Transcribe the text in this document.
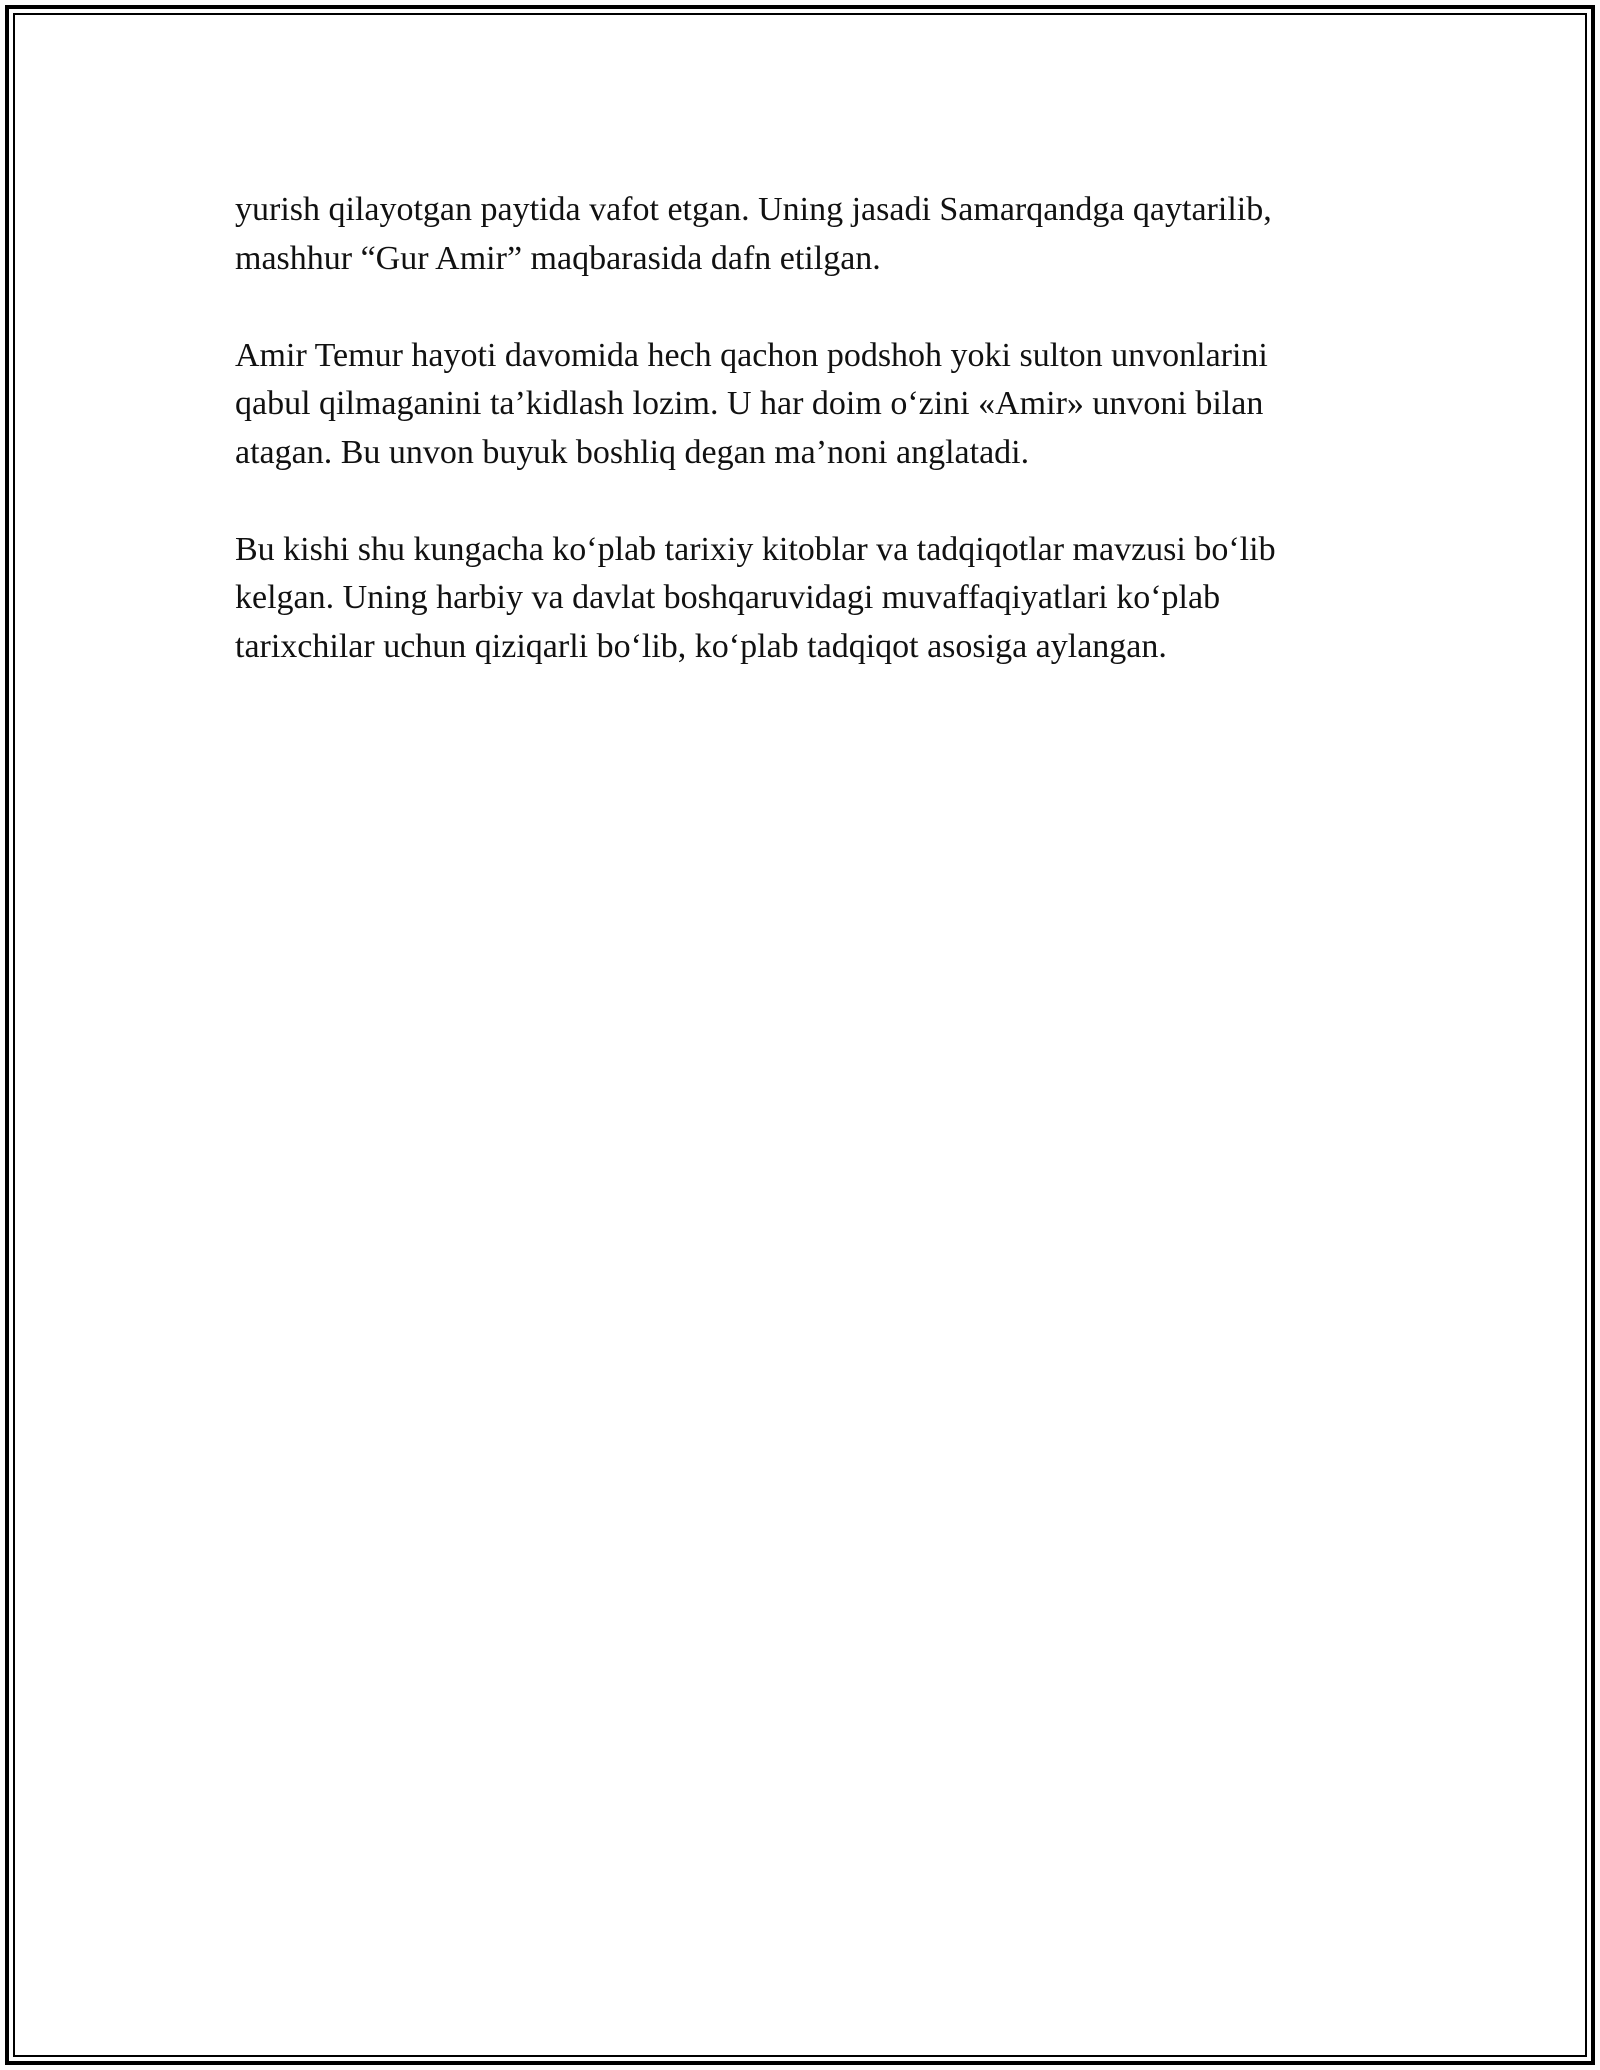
yurish qilayotgan paytida vafot etgan. Uning jasadi Samarqandga qaytarilib,
mashhur “Gur Amir” maqbarasida dafn etilgan.

Amir Temur hayoti davomida hech qachon podshoh yoki sulton unvonlarini
qabul qilmaganini ta’kidlash lozim. U har doim o‘zini «Amir» unvoni bilan
atagan. Bu unvon buyuk boshliq degan ma’noni anglatadi.

Bu kishi shu kungacha ko‘plab tarixiy kitoblar va tadqiqotlar mavzusi bo‘lib
kelgan. Uning harbiy va davlat boshqaruvidagi muvaffaqiyatlari ko‘plab
tarixchilar uchun qiziqarli bo‘lib, ko‘plab tadqiqot asosiga aylangan.
